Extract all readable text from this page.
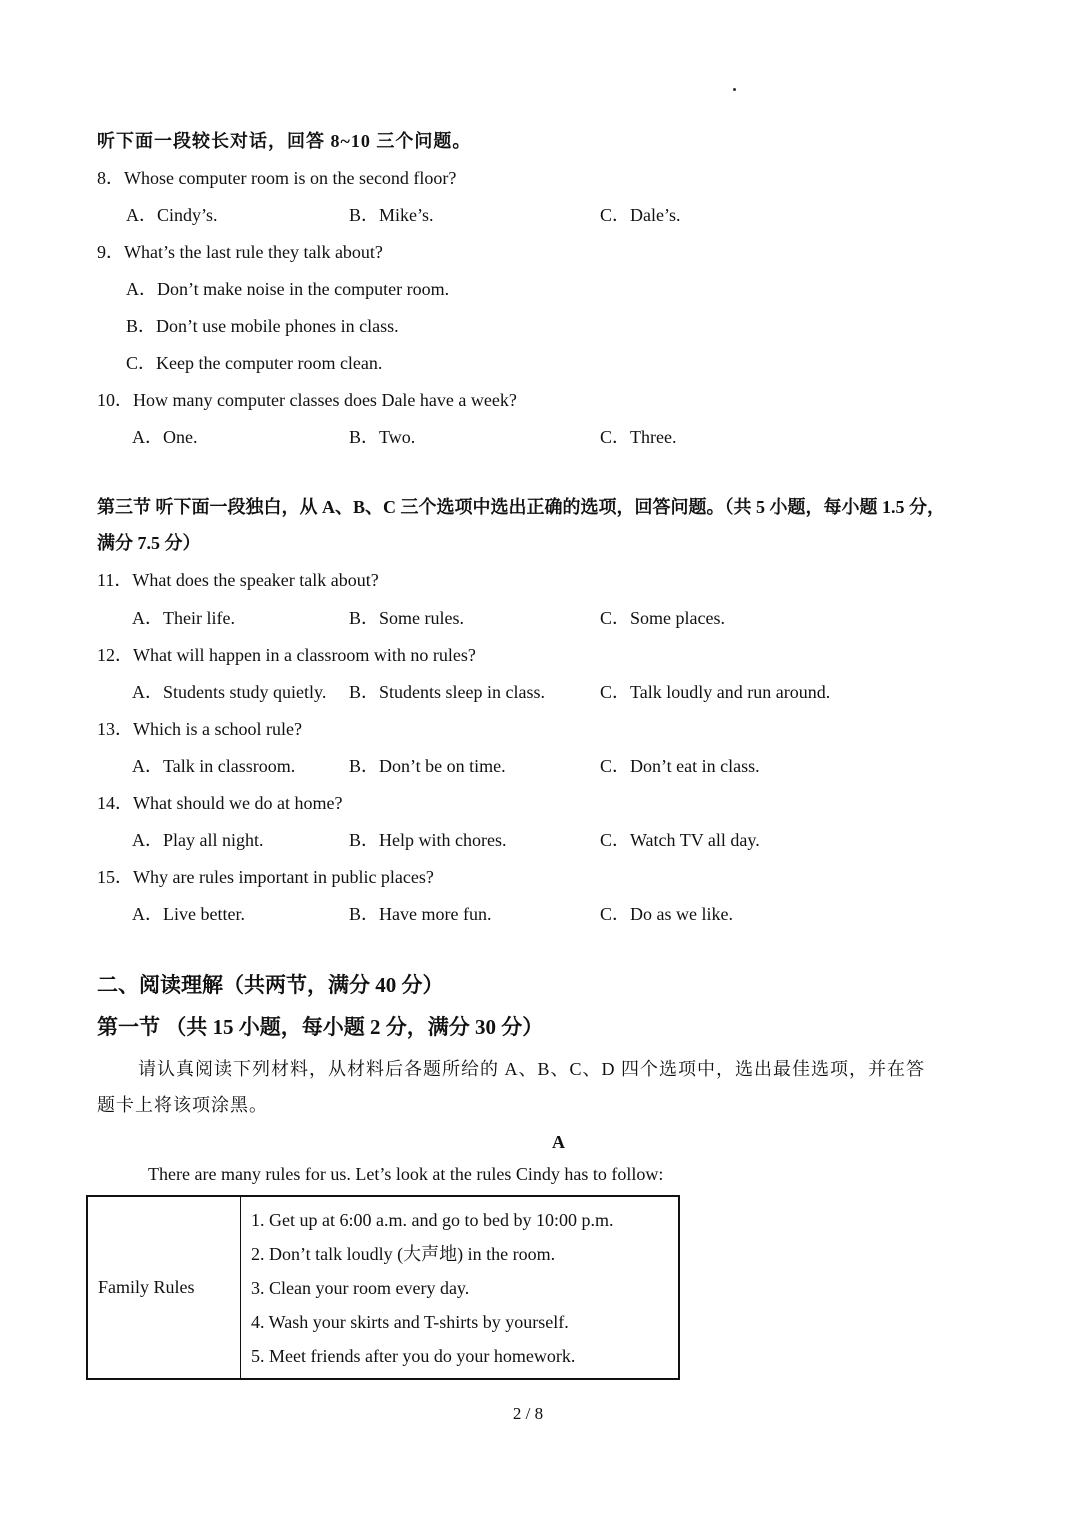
听下面一段较长对话，回答 8~10 三个问题。
8．Whose computer room is on the second floor?
A．Cindy’s.	B．Mike’s.	C．Dale’s.
9．What’s the last rule they talk about?
A．Don’t make noise in the computer room.
B．Don’t use mobile phones in class.
C．Keep the computer room clean.
10．How many computer classes does Dale have a week?
A．One.	B．Two.	C．Three.
第三节 听下面一段独白，从 A、B、C 三个选项中选出正确的选项，回答问题。（共 5 小题，每小题 1.5 分，
满分 7.5 分）
11．What does the speaker talk about?
A．Their life.	B．Some rules.	C．Some places.
12．What will happen in a classroom with no rules?
A．Students study quietly. B．Students sleep in class.	C．Talk loudly and run around.
13．Which is a school rule?
A．Talk in classroom.	B．Don’t be on time.	C．Don’t eat in class.
14．What should we do at home?
A．Play all night.	B．Help with chores.	C．Watch TV all day.
15．Why are rules important in public places?
A．Live better.	B．Have more fun.	C．Do as we like.
二、阅读理解（共两节，满分 40 分）
第一节 （共 15 小题，每小题 2 分，满分 30 分）
请认真阅读下列材料，从材料后各题所给的 A、B、C、D 四个选项中，选出最佳选项，并在答
题卡上将该项涂黑。
A
There are many rules for us. Let’s look at the rules Cindy has to follow:
Family Rules	
1. Get up at 6:00 a.m. and go to bed by 10:00 p.m.
2. Don’t talk loudly (大声地) in the room.
3. Clean your room every day.
4. Wash your skirts and T-shirts by yourself.
5. Meet friends after you do your homework.
2 / 8
